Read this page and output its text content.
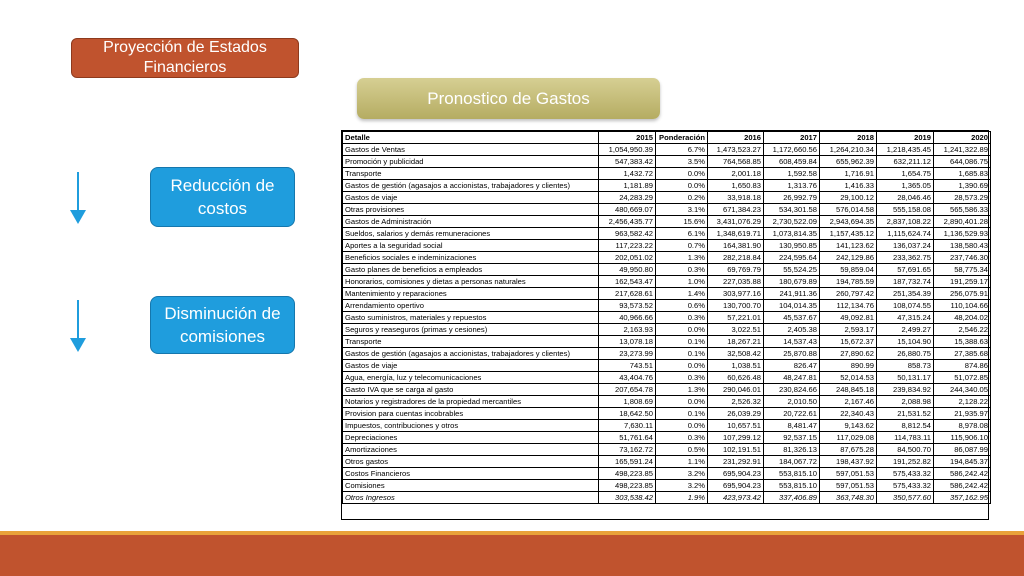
Proyección de Estados Financieros
Pronostico de Gastos
Reducción de costos
Disminución de comisiones
Detalle	2015	Ponderación	2016	2017	2018	2019	2020
Gastos de Ventas	1,054,950.39	6.7%	1,473,523.27	1,172,660.56	1,264,210.34	1,218,435.45	1,241,322.89
Promoción y publicidad	547,383.42	3.5%	764,568.85	608,459.84	655,962.39	632,211.12	644,086.75
Transporte	1,432.72	0.0%	2,001.18	1,592.58	1,716.91	1,654.75	1,685.83
Gastos de gestión (agasajos a accionistas, trabajadores y clientes)	1,181.89	0.0%	1,650.83	1,313.76	1,416.33	1,365.05	1,390.69
Gastos de viaje	24,283.29	0.2%	33,918.18	26,992.79	29,100.12	28,046.46	28,573.29
Otras provisiones	480,669.07	3.1%	671,384.23	534,301.58	576,014.58	555,158.08	565,586.33
Gastos de Administración	2,456,435.77	15.6%	3,431,076.29	2,730,522.09	2,943,694.35	2,837,108.22	2,890,401.28
Sueldos, salarios y demás remuneraciones	963,582.42	6.1%	1,348,619.71	1,073,814.35	1,157,435.12	1,115,624.74	1,136,529.93
Aportes a la seguridad social	117,223.22	0.7%	164,381.90	130,950.85	141,123.62	136,037.24	138,580.43
Beneficios sociales e indeminizaciones	202,051.02	1.3%	282,218.84	224,595.64	242,129.86	233,362.75	237,746.30
Gasto planes de beneficios a empleados	49,950.80	0.3%	69,769.79	55,524.25	59,859.04	57,691.65	58,775.34
Honorarios, comisiones y dietas a personas naturales	162,543.47	1.0%	227,035.88	180,679.89	194,785.59	187,732.74	191,259.17
Mantenimiento y reparaciones	217,628.61	1.4%	303,977.16	241,911.36	260,797.42	251,354.39	256,075.91
Arrendamiento opertivo	93,573.52	0.6%	130,700.70	104,014.35	112,134.76	108,074.55	110,104.66
Gasto suministros, materiales y repuestos	40,966.66	0.3%	57,221.01	45,537.67	49,092.81	47,315.24	48,204.02
Seguros y reaseguros (primas y cesiones)	2,163.93	0.0%	3,022.51	2,405.38	2,593.17	2,499.27	2,546.22
Transporte	13,078.18	0.1%	18,267.21	14,537.43	15,672.37	15,104.90	15,388.63
Gastos de gestión (agasajos a accionistas, trabajadores y clientes)	23,273.99	0.1%	32,508.42	25,870.88	27,890.62	26,880.75	27,385.68
Gastos de viaje	743.51	0.0%	1,038.51	826.47	890.99	858.73	874.86
Agua, energía, luz y telecomunicaciones	43,404.76	0.3%	60,626.48	48,247.81	52,014.53	50,131.17	51,072.85
Gasto IVA que se carga al gasto	207,654.78	1.3%	290,046.01	230,824.66	248,845.18	239,834.92	244,340.05
Notarios y registradores de la propiedad mercantiles	1,808.69	0.0%	2,526.32	2,010.50	2,167.46	2,088.98	2,128.22
Provision para cuentas incobrables	18,642.50	0.1%	26,039.29	20,722.61	22,340.43	21,531.52	21,935.97
Impuestos, contribuciones y otros	7,630.11	0.0%	10,657.51	8,481.47	9,143.62	8,812.54	8,978.08
Depreciaciones	51,761.64	0.3%	107,299.12	92,537.15	117,029.08	114,783.11	115,906.10
Amortizaciones	73,162.72	0.5%	102,191.51	81,326.13	87,675.28	84,500.70	86,087.99
Otros gastos	165,591.24	1.1%	231,292.91	184,067.72	198,437.92	191,252.82	194,845.37
Costos Financieros	498,223.85	3.2%	695,904.23	553,815.10	597,051.53	575,433.32	586,242.42
Comisiones	498,223.85	3.2%	695,904.23	553,815.10	597,051.53	575,433.32	586,242.42
Otros Ingresos	303,538.42	1.9%	423,973.42	337,406.89	363,748.30	350,577.60	357,162.95
